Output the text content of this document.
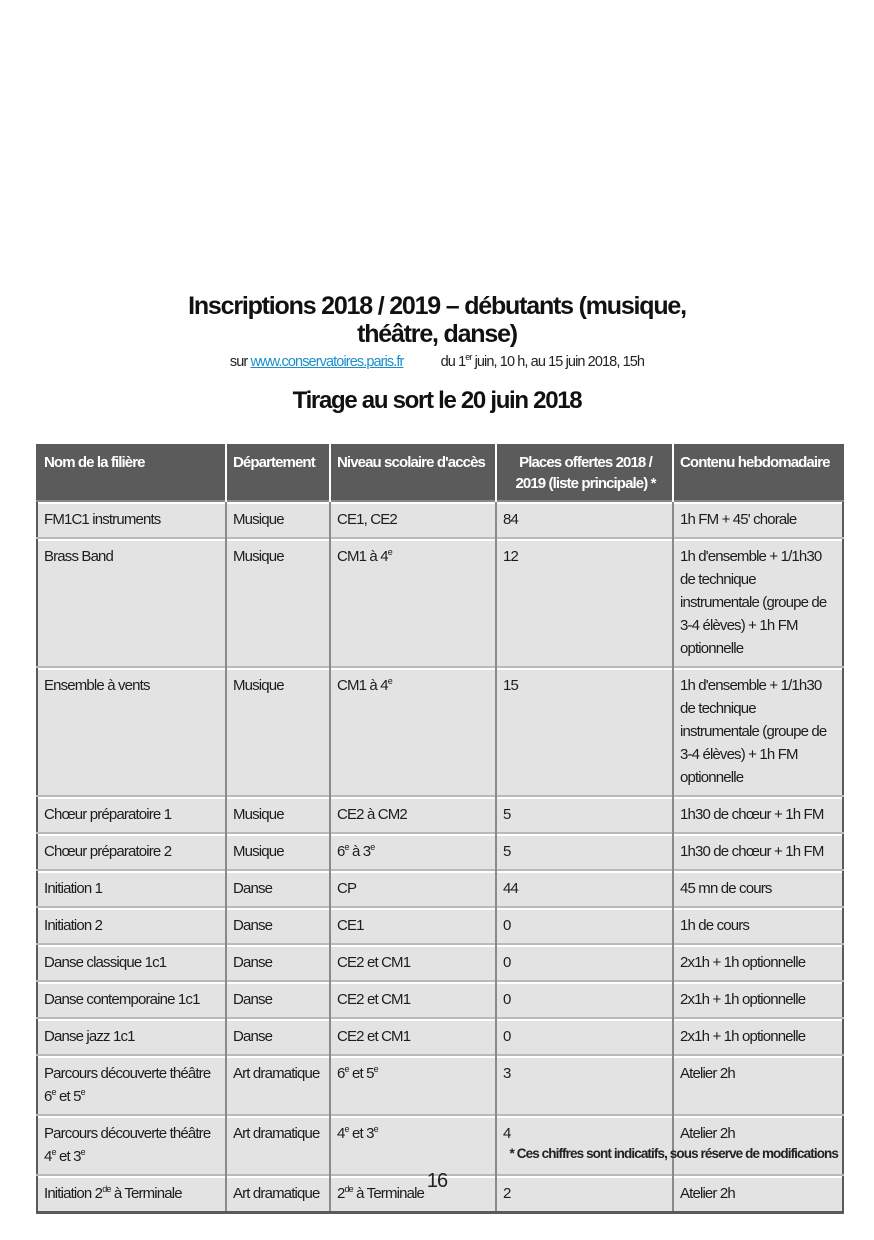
Inscriptions 2018 / 2019 – débutants (musique,
théâtre, danse)
sur www.conservatoires.paris.fr	du 1er juin, 10 h, au 15 juin 2018, 15h
Tirage au sort le 20 juin 2018
Nom de la filière	Département	Niveau scolaire d'accès	Places offertes 2018 / 2019 (liste principale) *	Contenu hebdomadaire
FM1C1 instruments	Musique	CE1, CE2	84	1h FM + 45' chorale
Brass Band	Musique	CM1 à 4e	12	1h d'ensemble + 1/1h30 de technique instrumentale (groupe de 3-4 élèves) + 1h FM optionnelle
Ensemble à vents	Musique	CM1 à 4e	15	1h d'ensemble + 1/1h30 de technique instrumentale (groupe de 3-4 élèves) + 1h FM optionnelle
Chœur préparatoire 1	Musique	CE2 à CM2	5	1h30 de chœur + 1h FM
Chœur préparatoire 2	Musique	6e à 3e	5	1h30 de chœur + 1h FM
Initiation 1	Danse	CP	44	45 mn de cours
Initiation 2	Danse	CE1	0	1h de cours
Danse classique 1c1	Danse	CE2 et CM1	0	2x1h + 1h optionnelle
Danse contemporaine 1c1	Danse	CE2 et CM1	0	2x1h + 1h optionnelle
Danse jazz 1c1	Danse	CE2 et CM1	0	2x1h + 1h optionnelle
Parcours découverte théâtre 6e et 5e	Art dramatique	6e et 5e	3	Atelier 2h
Parcours découverte théâtre 4e et 3e	Art dramatique	4e et 3e	4	Atelier 2h
Initiation 2de à Terminale	Art dramatique	2de à Terminale	2	Atelier 2h
* Ces chiffres sont indicatifs, sous réserve de modifications
16
